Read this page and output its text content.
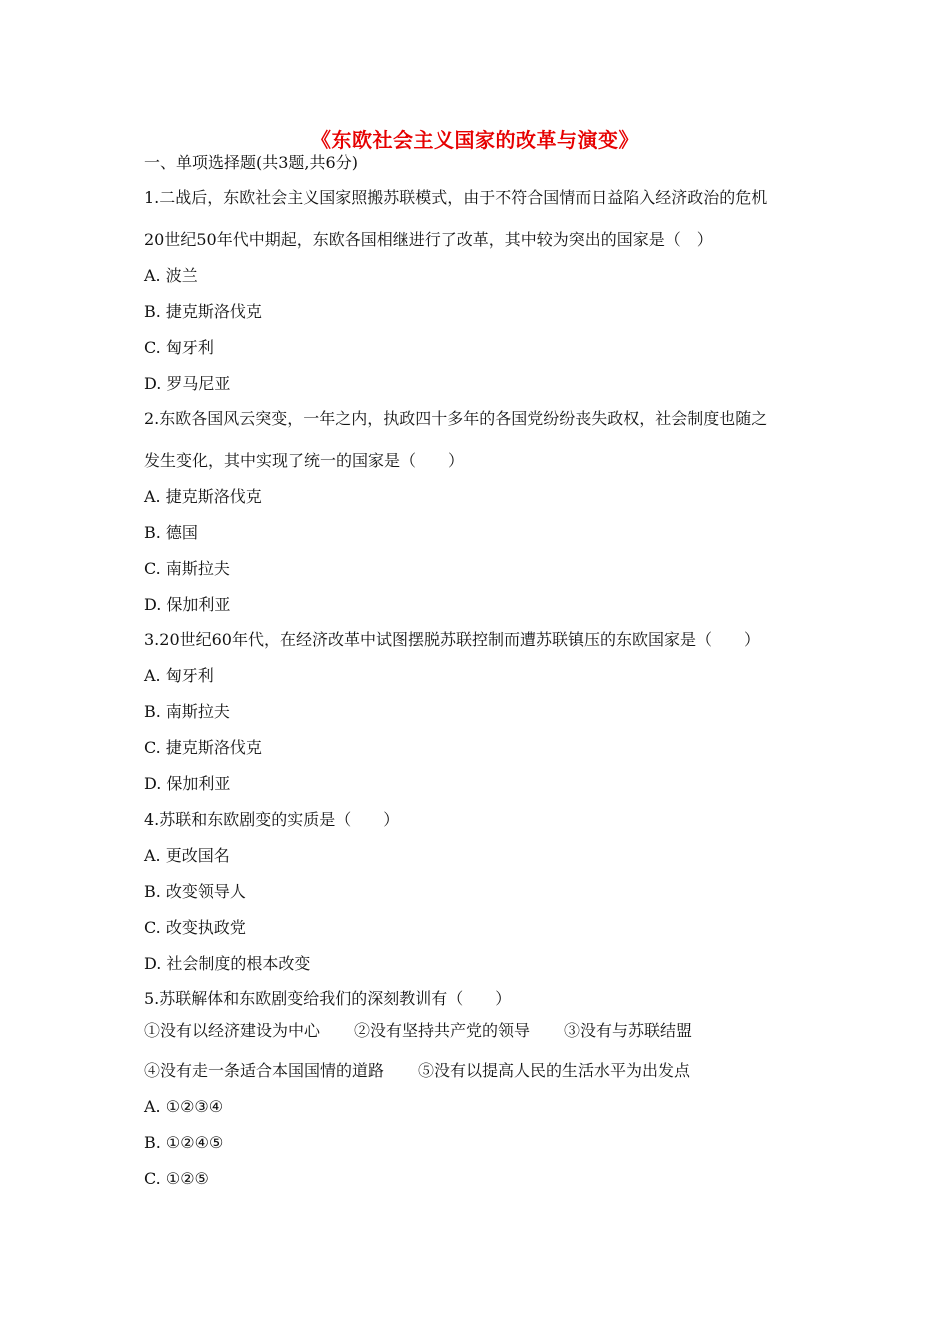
《东欧社会主义国家的改革与演变》
一、单项选择题(共3题,共6分)
1.二战后，东欧社会主义国家照搬苏联模式，由于不符合国情而日益陷入经济政治的危机
20世纪50年代中期起，东欧各国相继进行了改革，其中较为突出的国家是（　）
A. 波兰
B. 捷克斯洛伐克
C. 匈牙利
D. 罗马尼亚
2.东欧各国风云突变，一年之内，执政四十多年的各国党纷纷丧失政权，社会制度也随之
发生变化，其中实现了统一的国家是（　　）
A. 捷克斯洛伐克
B. 德国
C. 南斯拉夫
D. 保加利亚
3.20世纪60年代，在经济改革中试图摆脱苏联控制而遭苏联镇压的东欧国家是（　　）
A. 匈牙利
B. 南斯拉夫
C. 捷克斯洛伐克
D. 保加利亚
4.苏联和东欧剧变的实质是（　　）
A. 更改国名
B. 改变领导人
C. 改变执政党
D. 社会制度的根本改变
5.苏联解体和东欧剧变给我们的深刻教训有（　　）
①没有以经济建设为中心 ②没有坚持共产党的领导 ③没有与苏联结盟
④没有走一条适合本国国情的道路 ⑤没有以提高人民的生活水平为出发点
A. ①②③④
B. ①②④⑤
C. ①②⑤
